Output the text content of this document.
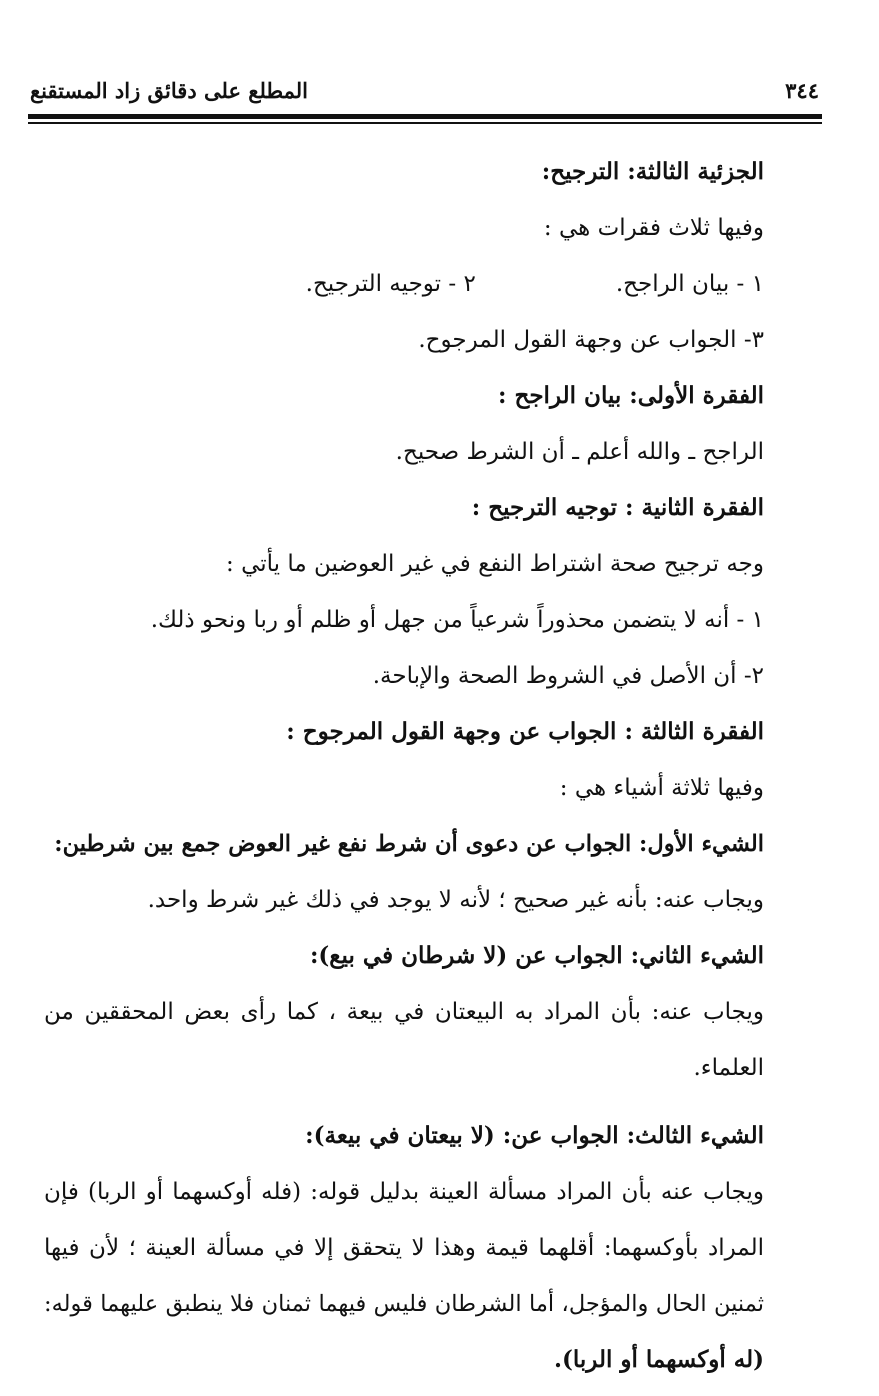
المطلع على دقائق زاد المستقنع	٣٤٤
الجزئية الثالثة: الترجيح:
وفيها ثلاث فقرات هي :
١ - بيان الراجح.٢ - توجيه الترجيح.
٣- الجواب عن وجهة القول المرجوح.
الفقرة الأولى: بيان الراجح :
الراجح ـ والله أعلم ـ أن الشرط صحيح.
الفقرة الثانية : توجيه الترجيح :
وجه ترجيح صحة اشتراط النفع في غير العوضين ما يأتي :
١ - أنه لا يتضمن محذوراً شرعياً من جهل أو ظلم أو ربا ونحو ذلك.
٢- أن الأصل في الشروط الصحة والإباحة.
الفقرة الثالثة : الجواب عن وجهة القول المرجوح :
وفيها ثلاثة أشياء هي :
الشيء الأول: الجواب عن دعوى أن شرط نفع غير العوض جمع بين شرطين:
ويجاب عنه: بأنه غير صحيح ؛ لأنه لا يوجد في ذلك غير شرط واحد.
الشيء الثاني: الجواب عن (لا شرطان في بيع):
ويجاب عنه: بأن المراد به البيعتان في بيعة ، كما رأى بعض المحققين من
العلماء.
الشيء الثالث: الجواب عن: (لا بيعتان في بيعة):
ويجاب عنه بأن المراد مسألة العينة بدليل قوله: (فله أوكسهما أو الربا) فإن
المراد بأوكسهما: أقلهما قيمة وهذا لا يتحقق إلا في مسألة العينة ؛ لأن فيها
ثمنين الحال والمؤجل، أما الشرطان فليس فيهما ثمنان فلا ينطبق عليهما قوله:
(له أوكسهما أو الربا).
